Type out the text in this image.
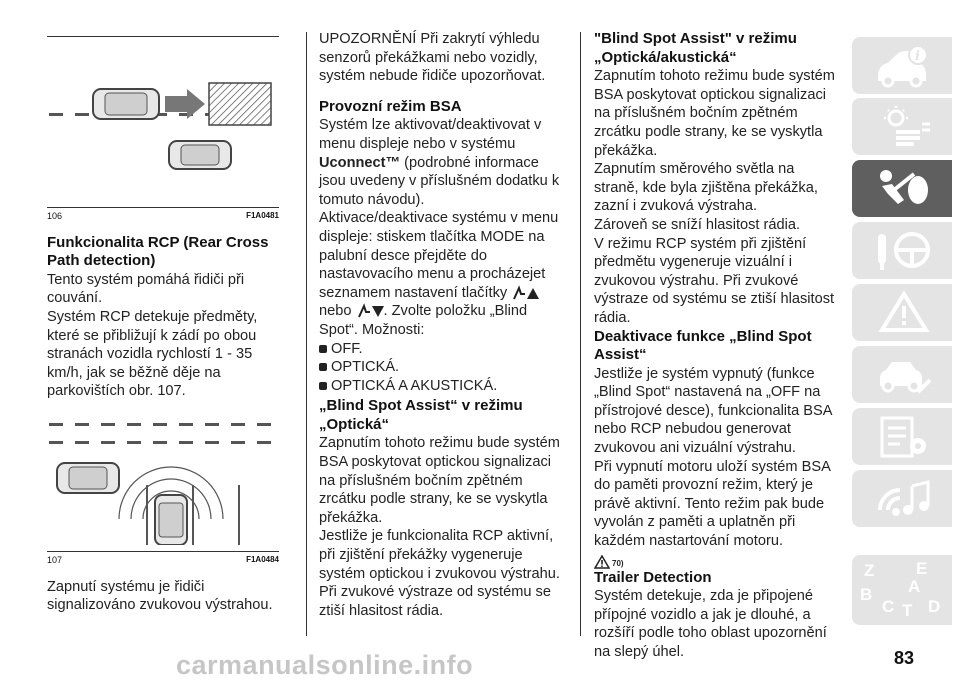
106	F1A0481
Funkcionalita RCP (Rear Cross Path detection)

Tento systém pomáhá řidiči při couvání.

Systém RCP detekuje předměty, které se přibližují k zádí po obou stranách vozidla rychlostí 1 - 35 km/h, jak se běžně děje na parkovištích obr. 107.

107	F1A0484

Zapnutí systému je řidiči signalizováno zvukovou výstrahou.

UPOZORNĚNÍ Při zakrytí výhledu senzorů překážkami nebo vozidly, systém nebude řidiče upozorňovat.

Provozní režim BSA

Systém lze aktivovat/deaktivovat v menu displeje nebo v systému Uconnect™ (podrobné informace jsou uvedeny v příslušném dodatku k tomuto návodu).

Aktivace/deaktivace systému v menu displeje: stiskem tlačítka MODE na palubní desce přejděte do nastavovacího menu a procházejet seznamem nastavení tlačítky
nebo . Zvolte položku „Blind Spot“. Možnosti:

OFF.
OPTICKÁ.
OPTICKÁ A AKUSTICKÁ.
„Blind Spot Assist“ v režimu „Optická“

Zapnutím tohoto režimu bude systém BSA poskytovat optickou signalizaci na příslušném bočním zpětném zrcátku podle strany, ke se vyskytla překážka.

Jestliže je funkcionalita RCP aktivní, při zjištění překážky vygeneruje systém optickou i zvukovou výstrahu.

Při zvukové výstraze od systému se ztiší hlasitost rádia.

"Blind Spot Assist" v režimu „Optická/akustická“

Zapnutím tohoto režimu bude systém BSA poskytovat optickou signalizaci na příslušném bočním zpětném zrcátku podle strany, ke se vyskytla překážka.

Zapnutím směrového světla na straně, kde byla zjištěna překážka, zazní i zvuková výstraha.

Zároveň se sníží hlasitost rádia.

V režimu RCP systém při zjištění předmětu vygeneruje vizuální i zvukovou výstrahu. Při zvukové výstraze od systému se ztiší hlasitost rádia.

Deaktivace funkce „Blind Spot Assist“

Jestliže je systém vypnutý (funkce „Blind Spot“ nastavená na „OFF na přístrojové desce), funkcionalita BSA nebo RCP nebudou generovat zvukovou ani vizuální výstrahu.

Při vypnutí motoru uloží systém BSA do paměti provozní režim, který je právě aktivní. Tento režim pak bude vyvolán z paměti a uplatněn při každém nastartování motoru.

70)
Trailer Detection

Systém detekuje, zda je připojené přípojné vozidlo a jak je dlouhé, a rozšíří podle toho oblast upozornění na slepý úhel.

i
Z E
A
B
C T D
83
carmanualsonline.info
